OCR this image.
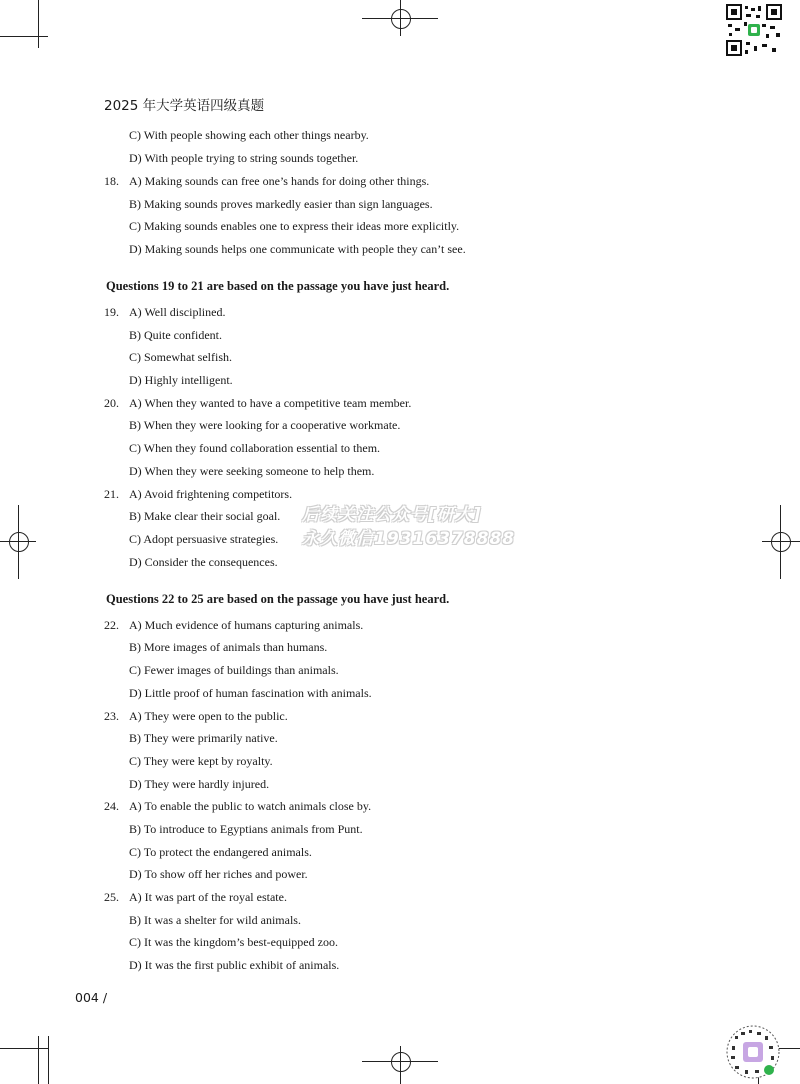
2025 年大学英语四级真题
C) With people showing each other things nearby.
D) With people trying to string sounds together.
18. A) Making sounds can free one’s hands for doing other things.
B) Making sounds proves markedly easier than sign languages.
C) Making sounds enables one to express their ideas more explicitly.
D) Making sounds helps one communicate with people they can’t see.
Questions 19 to 21 are based on the passage you have just heard.
19. A) Well disciplined.
B) Quite confident.
C) Somewhat selfish.
D) Highly intelligent.
20. A) When they wanted to have a competitive team member.
B) When they were looking for a cooperative workmate.
C) When they found collaboration essential to them.
D) When they were seeking someone to help them.
21. A) Avoid frightening competitors.
B) Make clear their social goal.
C) Adopt persuasive strategies.
D) Consider the consequences.
后续关注公众号[研大]
永久微信19316378888
Questions 22 to 25 are based on the passage you have just heard.
22. A) Much evidence of humans capturing animals.
B) More images of animals than humans.
C) Fewer images of buildings than animals.
D) Little proof of human fascination with animals.
23. A) They were open to the public.
B) They were primarily native.
C) They were kept by royalty.
D) They were hardly injured.
24. A) To enable the public to watch animals close by.
B) To introduce to Egyptians animals from Punt.
C) To protect the endangered animals.
D) To show off her riches and power.
25. A) It was part of the royal estate.
B) It was a shelter for wild animals.
C) It was the kingdom’s best-equipped zoo.
D) It was the first public exhibit of animals.
004 /
